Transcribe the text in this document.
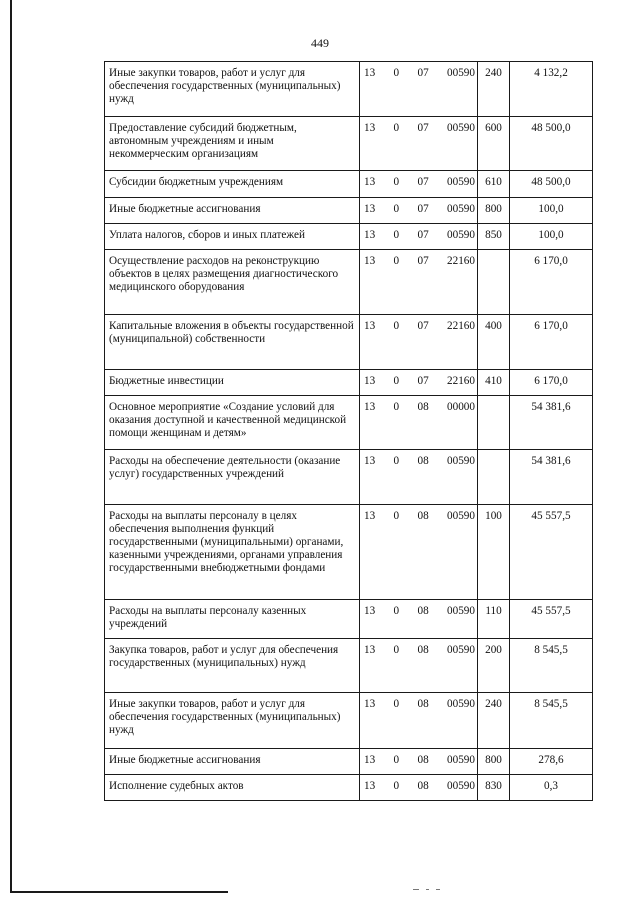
449
Иные закупки товаров, работ и услуг для обеспечения государственных (муниципальных) нужд	13 0 07 00590	240	4 132,2
Предоставление субсидий бюджетным, автономным учреждениям и иным некоммерческим организациям	13 0 07 00590	600	48 500,0
Субсидии бюджетным учреждениям	13 0 07 00590	610	48 500,0
Иные бюджетные ассигнования	13 0 07 00590	800	100,0
Уплата налогов, сборов и иных платежей	13 0 07 00590	850	100,0
Осуществление расходов на реконструкцию объектов в целях размещения диагностического медицинского оборудования	13 0 07 22160		6 170,0
Капитальные вложения в объекты государственной (муниципальной) собственности	13 0 07 22160	400	6 170,0
Бюджетные инвестиции	13 0 07 22160	410	6 170,0
Основное мероприятие «Создание условий для оказания доступной и качественной медицинской помощи женщинам и детям»	13 0 08 00000		54 381,6
Расходы на обеспечение деятельности (оказание услуг) государственных учреждений	13 0 08 00590		54 381,6
Расходы на выплаты персоналу в целях обеспечения выполнения функций государственными (муниципальными) органами, казенными учреждениями, органами управления государственными внебюджетными фондами	13 0 08 00590	100	45 557,5
Расходы на выплаты персоналу казенных учреждений	13 0 08 00590	110	45 557,5
Закупка товаров, работ и услуг для обеспечения государственных (муниципальных) нужд	13 0 08 00590	200	8 545,5
Иные закупки товаров, работ и услуг для обеспечения государственных (муниципальных) нужд	13 0 08 00590	240	8 545,5
Иные бюджетные ассигнования	13 0 08 00590	800	278,6
Исполнение судебных актов	13 0 08 00590	830	0,3
